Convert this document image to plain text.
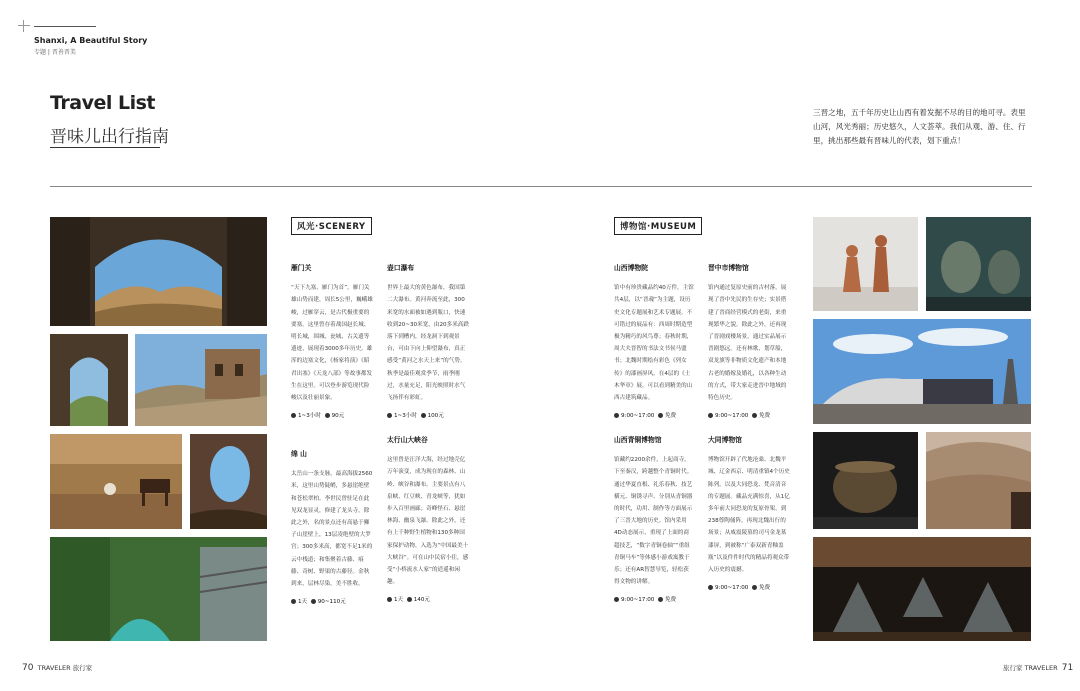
Shanxi, A Beautiful Story
专题 | 晋善晋美
Travel List
晋味儿出行指南
三晋之地，五千年历史让山西有着发掘不尽的目的地可寻。表里山河，风光秀丽；历史悠久，人文荟萃。我们从观、游、住、行里，挑出那些最有晋味儿的代表，划下重点！
风光·SCENERY
雁门关

“天下九塞，雁门为首”。雁门关雄山势而建，周长5公里，巍峨雄峻，过雁穿云，是古代极重要的要塞。这里曾存着战国赵长城、明长城，围城、瓮城、古关遗等遗迹，展现着3000多年历史。雄浑的边塞文化，《杨家将演》《昭君出塞》《天龙八部》等故事都发生在这里。可以登步游览现代险峻以及壮丽景象。

1~3小时 90元
绵 山

太岳山一条支脉，最高海拔2560米，这里山势陡峭，多悬崖绝壁和苍松翠柏。李世民曾驻足在此见双龙显灵，修建了龙头寺。除此之外，名的景点还有高悬于狮子山崖壁上，13层凌绝壁的大罗宫；300多米高，都宽不足1米的云中栈道；和集聚着古藤、痕藤、奇树、野果的古藤径。金秋到来，层林尽染，美不胜收。

1天 90~110元
壶口瀑布

世界上最大的黄色瀑布，我国第二大瀑布。黄河奔流至此，300米宽的水面被如遇到瓶口，快速收到20~30米宽，由20多米高跌落下到槽内，经龙洞下到观景台，可由下向上仰望瀑布，真正感受“黄河之水天上来”的气势。秋季是最佳观赏季节，雨季刚过，水量充足，阳光映照时水气飞扬伴有彩虹。

1~3小时 100元
太行山大峡谷

这里曾是汪洋大海，经过地壳亿万年演变，成为现在的森林、山岭、峡谷和瀑布。主要景点有八泉峡、红豆峡、青龙峡等，犹如步入百里画廊；奇峰怪石、悬崖林海、幽泉飞瀑。除此之外，还有上千种野生植物和130多种国家保护动物，入选为“中国最美十大峡谷”。可在山中民宿小住，感受“小桥流水人家”的逍遥和闲趣。

1天 140元
博物馆·MUSEUM
山西博物院

馆中有珍贵藏品约40万件，主馆共4层，以“晋魂”为主题，设历史文化专题展和艺术专题展。不可错过的展品有：西周时期造型极为精巧的风鸟尊；春秋时期，周大夫晋智的书法文书侯马盟书；北魏时期绘有彩色《列女传》的漆画屏风。在4层的《土木华章》展，可以看到精美的山西古建筑藏品。

9:00~17:00 免费
山西青铜博物馆

馆藏约2200余件，上起商寺，下至秦汉，跨越整个青铜时代。通过华夏直根、礼乐春秋、技艺横元、铜锈寻声、分别从青铜器的时代，功用、制作等方面展示了三晋大地的历史。馆内采用4D动态展示，重现了上面的商超技艺，“数字青铜卷轴”“重组青铜马车”等体感小游戏寓教于乐；还有AR智慧导览，轻松获得文物的讲解。

9:00~17:00 免费
晋中市博物馆

馆内通过复原史前的古村落，展现了晋中先民的生存史；实景搭建了晋商经营模式的老街，来重现繁华之貌。除此之外，还再现了晋剧戏楼场景，通过实品展示晋剧悠远。还有林歌，划草船，双龙旗等非物质文化遗产和本地古老的婚嫁及婚礼，以各种生动的方式，带大家走进晋中地域的特色历史。

9:00~17:00 免费
大同博物馆

博物馆开辟了代地沧桑、北魏平城、辽金西京、明清重镇4个历史陈列。以及大同恐龙、梵音清音的专题展。藏品充满惊喜，从1亿多年前大同恐龙的复原骨架，到238尊陶俑阵，再现北魏出行的场景；从威震陵墓的司马金龙墓漆屏，到被称“广泰双新青釉盖瓶”以及件件时代的精品将观众带入历史的震撼。

9:00~17:00 免费
70 TRAVELER 旅行家	旅行家 TRAVELER 71
